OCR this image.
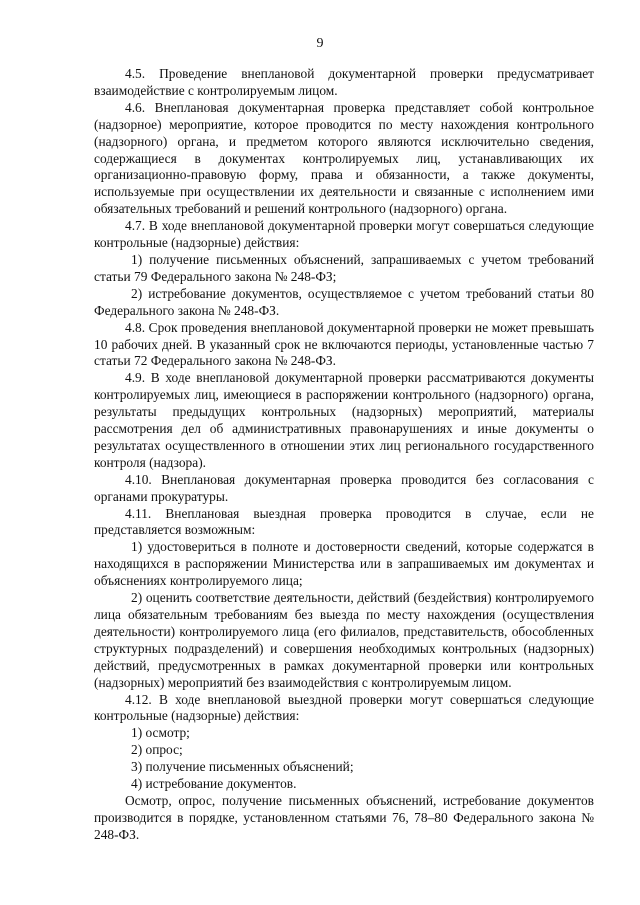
9

4.5. Проведение внеплановой документарной проверки предусматривает взаимодействие с контролируемым лицом.

4.6. Внеплановая документарная проверка представляет собой контрольное (надзорное) мероприятие, которое проводится по месту нахождения контрольного (надзорного) органа, и предметом которого являются исключительно сведения, содержащиеся в документах контролируемых лиц, устанавливающих их организационно-правовую форму, права и обязанности, а также документы, используемые при осуществлении их деятельности и связанные с исполнением ими обязательных требований и решений контрольного (надзорного) органа.

4.7. В ходе внеплановой документарной проверки могут совершаться следующие контрольные (надзорные) действия:

1) получение письменных объяснений, запрашиваемых с учетом требований статьи 79 Федерального закона № 248-ФЗ;

2) истребование документов, осуществляемое с учетом требований статьи 80 Федерального закона № 248-ФЗ.

4.8. Срок проведения внеплановой документарной проверки не может превышать 10 рабочих дней. В указанный срок не включаются периоды, установленные частью 7 статьи 72 Федерального закона № 248-ФЗ.

4.9. В ходе внеплановой документарной проверки рассматриваются документы контролируемых лиц, имеющиеся в распоряжении контрольного (надзорного) органа, результаты предыдущих контрольных (надзорных) мероприятий, материалы рассмотрения дел об административных правонарушениях и иные документы о результатах осуществленного в отношении этих лиц регионального государственного контроля (надзора).

4.10. Внеплановая документарная проверка проводится без согласования с органами прокуратуры.

4.11. Внеплановая выездная проверка проводится в случае, если не представляется возможным:

1) удостовериться в полноте и достоверности сведений, которые содержатся в находящихся в распоряжении Министерства или в запрашиваемых им документах и объяснениях контролируемого лица;

2) оценить соответствие деятельности, действий (бездействия) контролируемого лица обязательным требованиям без выезда по месту нахождения (осуществления деятельности) контролируемого лица (его филиалов, представительств, обособленных структурных подразделений) и совершения необходимых контрольных (надзорных) действий, предусмотренных в рамках документарной проверки или контрольных (надзорных) мероприятий без взаимодействия с контролируемым лицом.

4.12. В ходе внеплановой выездной проверки могут совершаться следующие контрольные (надзорные) действия:

1) осмотр;

2) опрос;

3) получение письменных объяснений;

4) истребование документов.

Осмотр, опрос, получение письменных объяснений, истребование документов производится в порядке, установленном статьями 76, 78–80 Федерального закона № 248-ФЗ.
